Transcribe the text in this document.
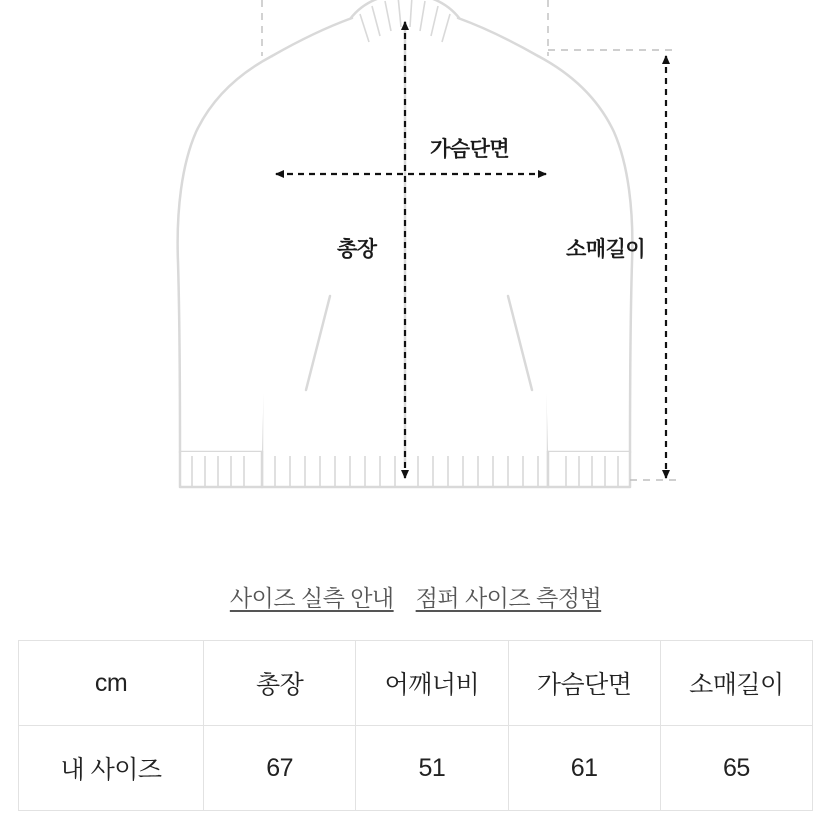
가슴단면
총장	소매길이
사이즈 실측 안내 점퍼 사이즈 측정법
cm	총장	어깨너비	가슴단면	소매길이
내 사이즈	67	51	61	65
